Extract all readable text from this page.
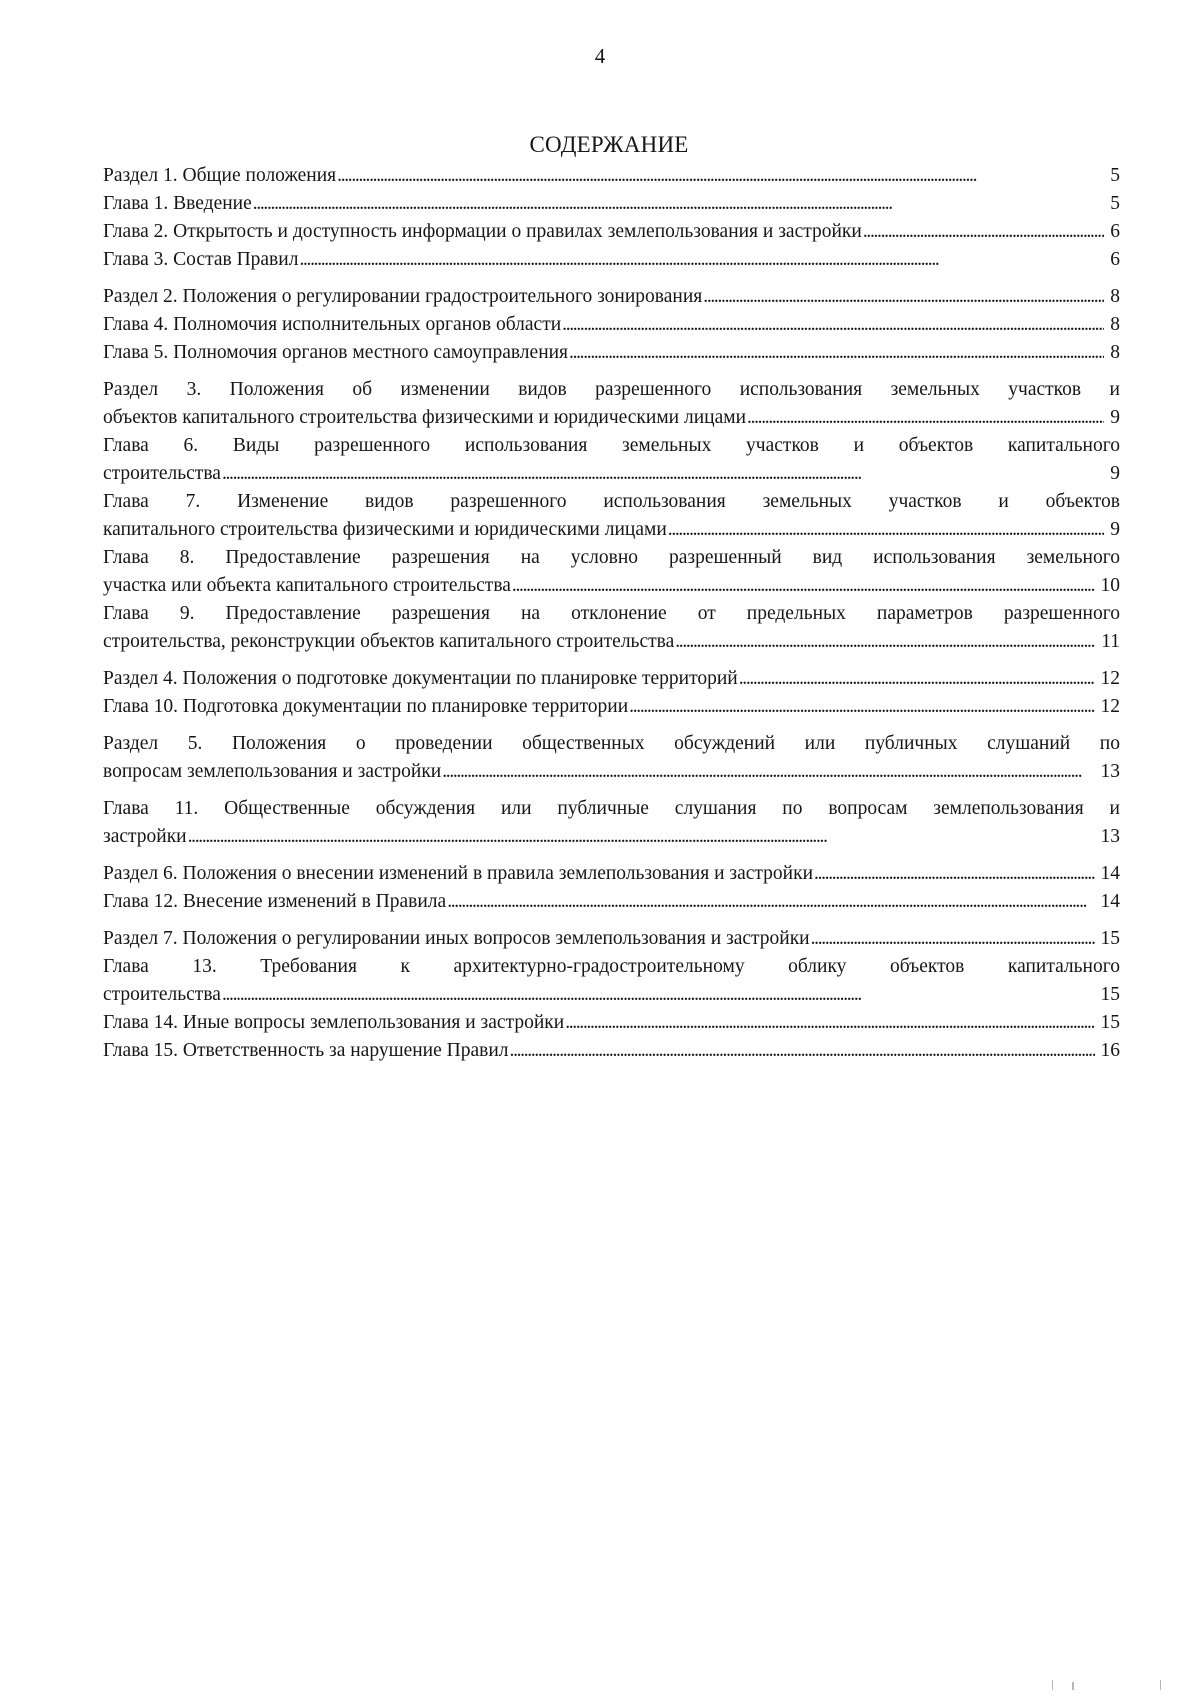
4
СОДЕРЖАНИЕ
Раздел 1. Общие положения . . .	5
Глава 1. Введение . . .	5
Глава 2. Открытость и доступность информации о правилах землепользования и застройки . . .	6
Глава 3. Состав Правил . . .	6
Раздел 2. Положения о регулировании градостроительного зонирования . . .	8
Глава 4. Полномочия исполнительных органов области . . .	8
Глава 5. Полномочия органов местного самоуправления . . .	8
Раздел 3. Положения об изменении видов разрешенного использования земельных участков и
объектов капитального строительства физическими и юридическими лицами . . .	9
Глава 6. Виды разрешенного использования земельных участков и объектов капитального
строительства . . .	9
Глава 7. Изменение видов разрешенного использования земельных участков и объектов
капитального строительства физическими и юридическими лицами . . .	9
Глава 8. Предоставление разрешения на условно разрешенный вид использования земельного
участка или объекта капитального строительства . . .	10
Глава 9. Предоставление разрешения на отклонение от предельных параметров разрешенного
строительства, реконструкции объектов капитального строительства . . .	11
Раздел 4. Положения о подготовке документации по планировке территорий . . .	12
Глава 10. Подготовка документации по планировке территории . . .	12
Раздел 5. Положения о проведении общественных обсуждений или публичных слушаний по
вопросам землепользования и застройки . . .	13
Глава 11. Общественные обсуждения или публичные слушания по вопросам землепользования и
застройки . . .	13
Раздел 6. Положения о внесении изменений в правила землепользования и застройки . . .	14
Глава 12. Внесение изменений в Правила . . .	14
Раздел 7. Положения о регулировании иных вопросов землепользования и застройки . . .	15
Глава 13. Требования к архитектурно-градостроительному облику объектов капитального
строительства . . .	15
Глава 14. Иные вопросы землепользования и застройки . . .	15
Глава 15. Ответственность за нарушение Правил . . .	16
